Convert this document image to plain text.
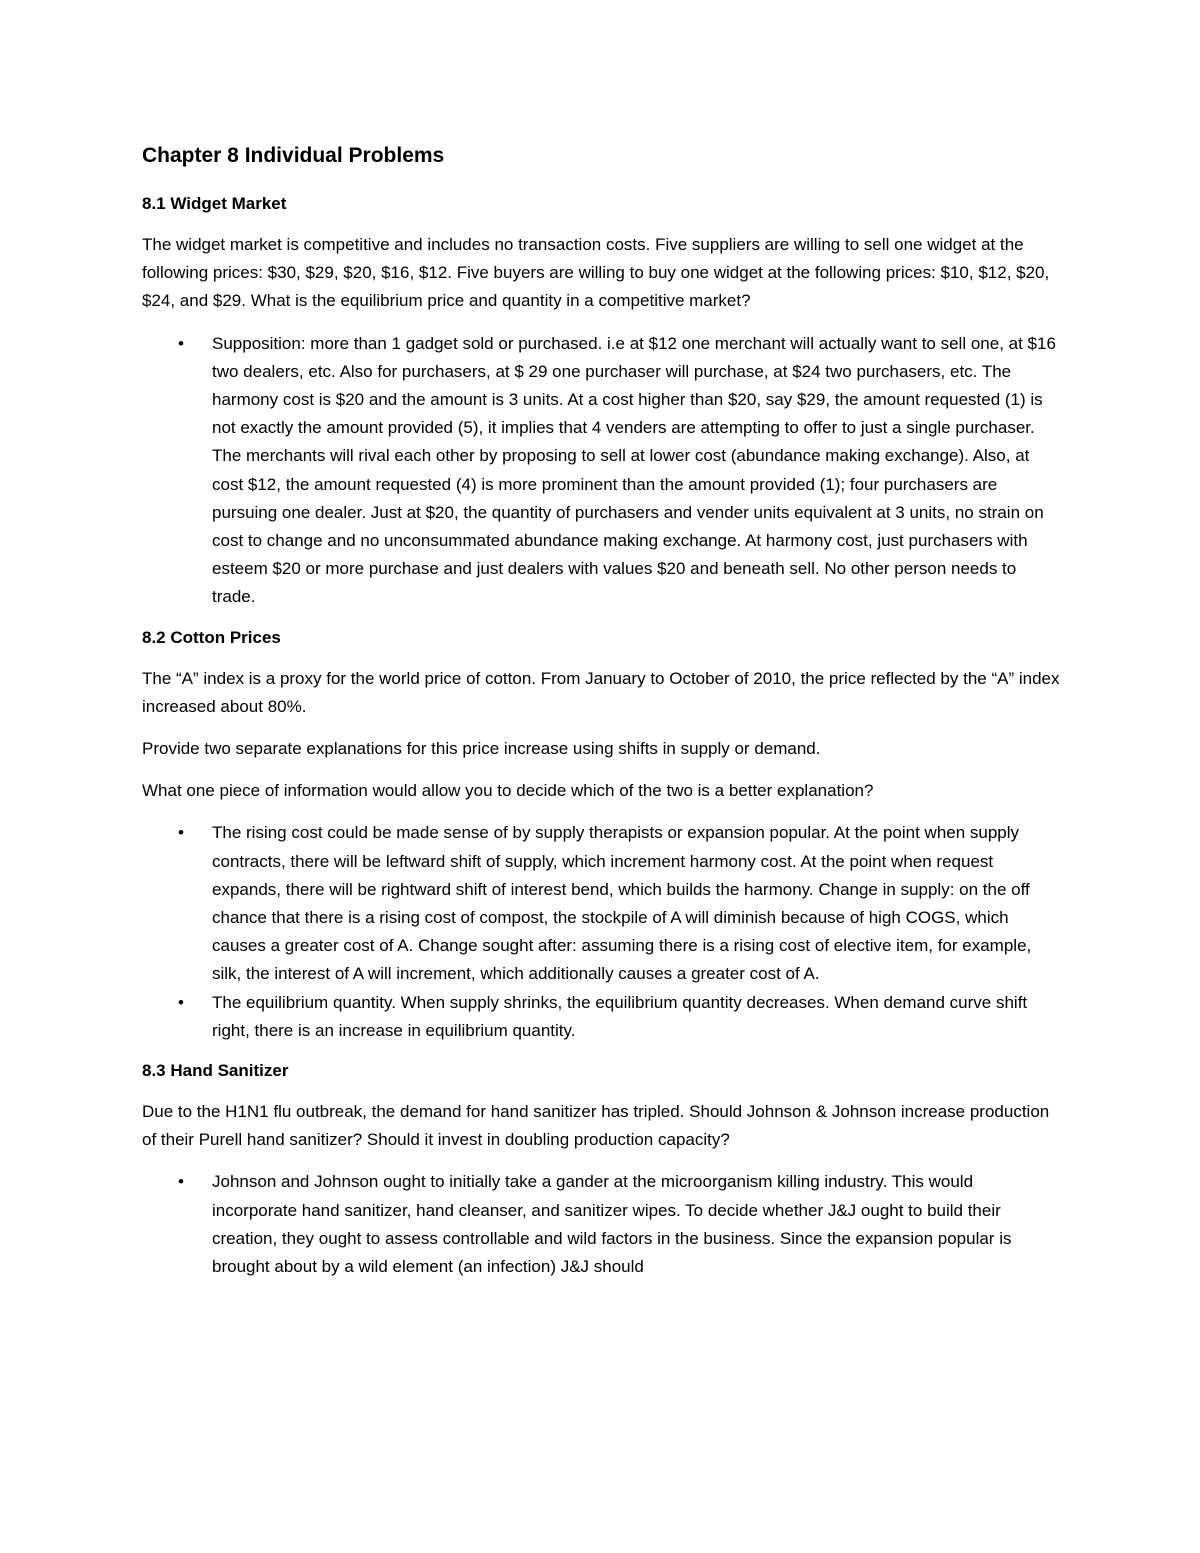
Chapter 8 Individual Problems
8.1 Widget Market

The widget market is competitive and includes no transaction costs. Five suppliers are willing to sell one widget at the following prices: $30, $29, $20, $16, $12. Five buyers are willing to buy one widget at the following prices: $10, $12, $20, $24, and $29. What is the equilibrium price and quantity in a competitive market?

• Supposition: more than 1 gadget sold or purchased. i.e at $12 one merchant will actually want to sell one, at $16 two dealers, etc. Also for purchasers, at $ 29 one purchaser will purchase, at $24 two purchasers, etc. The harmony cost is $20 and the amount is 3 units. At a cost higher than $20, say $29, the amount requested (1) is not exactly the amount provided (5), it implies that 4 venders are attempting to offer to just a single purchaser. The merchants will rival each other by proposing to sell at lower cost (abundance making exchange). Also, at cost $12, the amount requested (4) is more prominent than the amount provided (1); four purchasers are pursuing one dealer. Just at $20, the quantity of purchasers and vender units equivalent at 3 units, no strain on cost to change and no unconsummated abundance making exchange. At harmony cost, just purchasers with esteem $20 or more purchase and just dealers with values $20 and beneath sell. No other person needs to trade.
8.2 Cotton Prices

The “A” index is a proxy for the world price of cotton. From January to October of 2010, the price reflected by the “A” index increased about 80%.

Provide two separate explanations for this price increase using shifts in supply or demand.

What one piece of information would allow you to decide which of the two is a better explanation?

• The rising cost could be made sense of by supply therapists or expansion popular. At the point when supply contracts, there will be leftward shift of supply, which increment harmony cost. At the point when request expands, there will be rightward shift of interest bend, which builds the harmony. Change in supply: on the off chance that there is a rising cost of compost, the stockpile of A will diminish because of high COGS, which causes a greater cost of A. Change sought after: assuming there is a rising cost of elective item, for example, silk, the interest of A will increment, which additionally causes a greater cost of A.
• The equilibrium quantity. When supply shrinks, the equilibrium quantity decreases. When demand curve shift right, there is an increase in equilibrium quantity.
8.3 Hand Sanitizer

Due to the H1N1 flu outbreak, the demand for hand sanitizer has tripled. Should Johnson & Johnson increase production of their Purell hand sanitizer? Should it invest in doubling production capacity?

• Johnson and Johnson ought to initially take a gander at the microorganism killing industry. This would incorporate hand sanitizer, hand cleanser, and sanitizer wipes. To decide whether J&J ought to build their creation, they ought to assess controllable and wild factors in the business. Since the expansion popular is brought about by a wild element (an infection) J&J should
